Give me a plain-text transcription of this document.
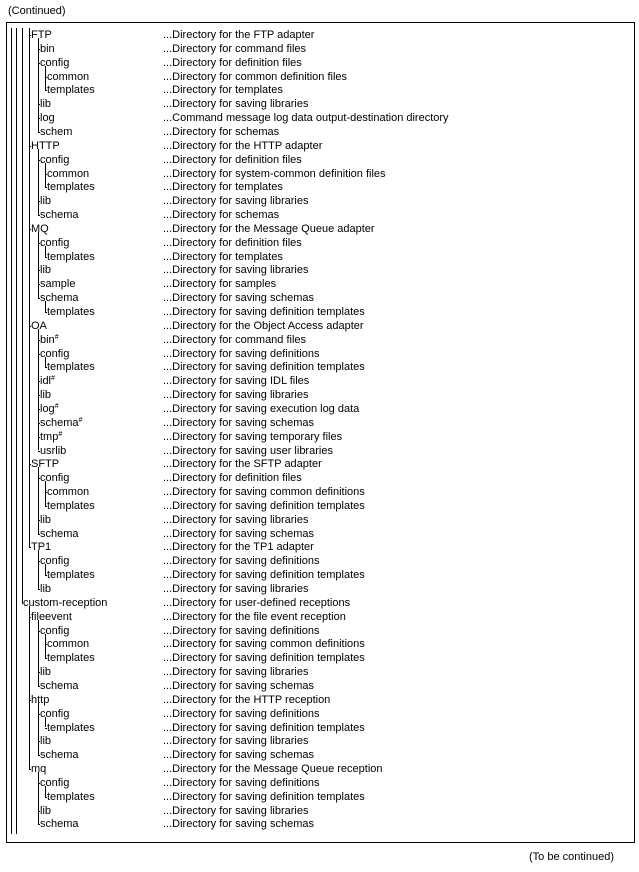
(Continued)
FTP	...Directory for the FTP adapter
bin	...Directory for command files
config	...Directory for definition files
common	...Directory for common definition files
templates	...Directory for templates
lib	...Directory for saving libraries
log	...Command message log data output-destination directory
schem	...Directory for schemas
HTTP	...Directory for the HTTP adapter
config	...Directory for definition files
common	...Directory for system-common definition files
templates	...Directory for templates
lib	...Directory for saving libraries
schema	...Directory for schemas
MQ	...Directory for the Message Queue adapter
config	...Directory for definition files
templates	...Directory for templates
lib	...Directory for saving libraries
sample	...Directory for samples
schema	...Directory for saving schemas
templates	...Directory for saving definition templates
OA	...Directory for the Object Access adapter
bin#	...Directory for command files
config	...Directory for saving definitions
templates	...Directory for saving definition templates
idl#	...Directory for saving IDL files
lib	...Directory for saving libraries
log#	...Directory for saving execution log data
schema#	...Directory for saving schemas
tmp#	...Directory for saving temporary files
usrlib	...Directory for saving user libraries
SFTP	...Directory for the SFTP adapter
config	...Directory for definition files
common	...Directory for saving common definitions
templates	...Directory for saving definition templates
lib	...Directory for saving libraries
schema	...Directory for saving schemas
TP1	...Directory for the TP1 adapter
config	...Directory for saving definitions
templates	...Directory for saving definition templates
lib	...Directory for saving libraries
custom-reception	...Directory for user-defined receptions
fileevent	...Directory for the file event reception
config	...Directory for saving definitions
common	...Directory for saving common definitions
templates	...Directory for saving definition templates
lib	...Directory for saving libraries
schema	...Directory for saving schemas
http	...Directory for the HTTP reception
config	...Directory for saving definitions
templates	...Directory for saving definition templates
lib	...Directory for saving libraries
schema	...Directory for saving schemas
mq	...Directory for the Message Queue reception
config	...Directory for saving definitions
templates	...Directory for saving definition templates
lib	...Directory for saving libraries
schema	...Directory for saving schemas
(To be continued)
